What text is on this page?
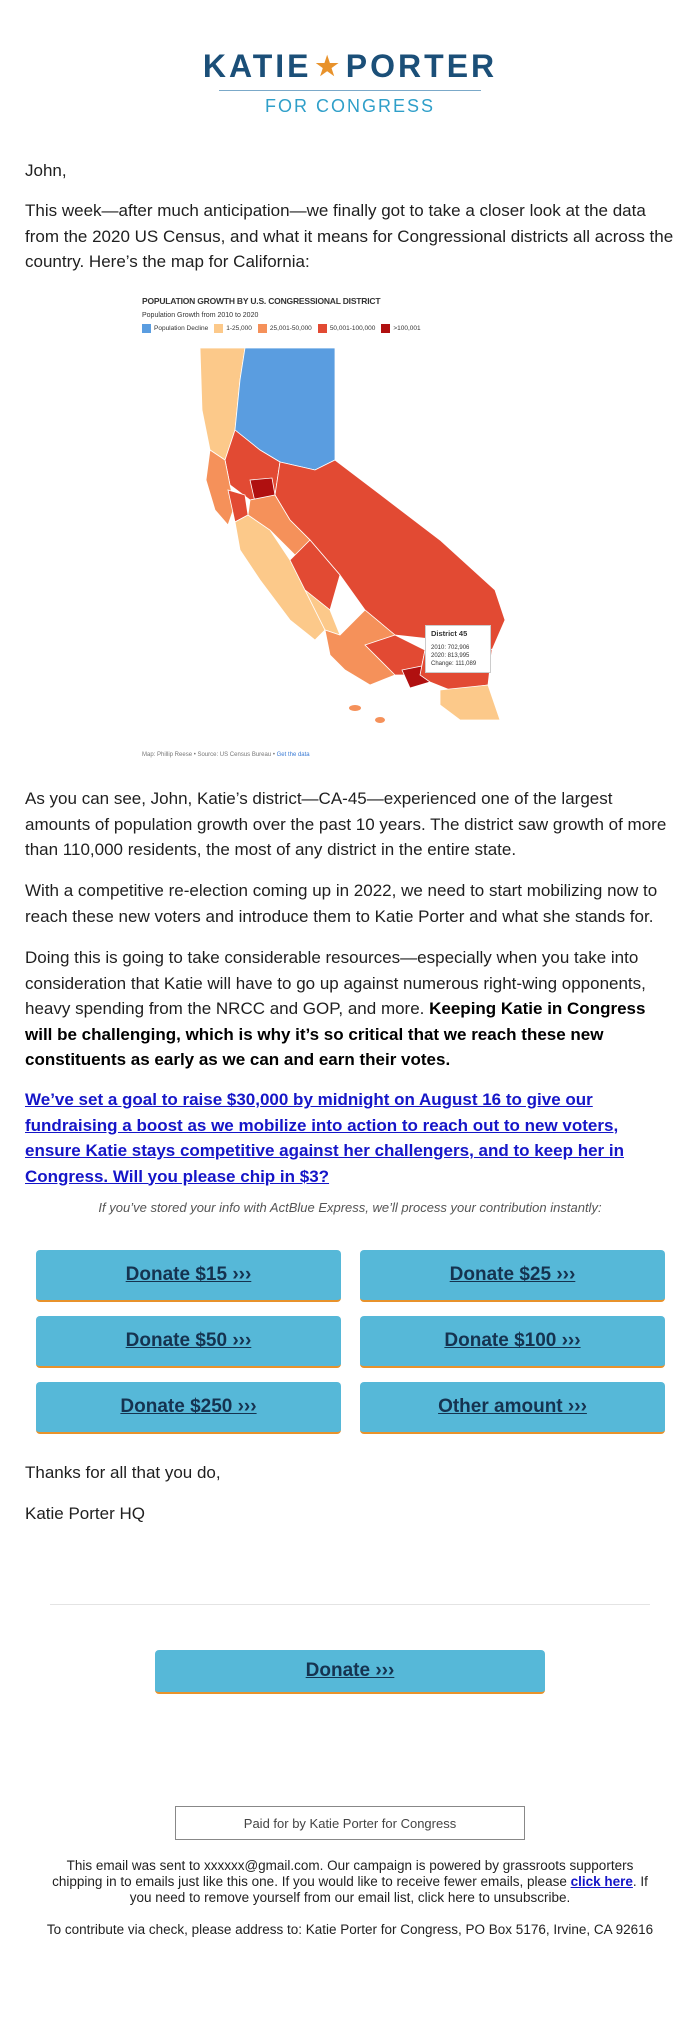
KATIE ★ PORTER
FOR CONGRESS
John,
This week—after much anticipation—we finally got to take a closer look at the data from the 2020 US Census, and what it means for Congressional districts all across the country. Here’s the map for California:
POPULATION GROWTH BY U.S. CONGRESSIONAL DISTRICT
Population Growth from 2010 to 2020
Population Decline	1-25,000	25,001-50,000	50,001-100,000	>100,001
District 45
2010: 702,906
2020: 813,995
Change: 111,089
Map: Phillip Reese • Source: US Census Bureau • Get the data
As you can see, John, Katie’s district—CA-45—experienced one of the largest amounts of population growth over the past 10 years. The district saw growth of more than 110,000 residents, the most of any district in the entire state.
With a competitive re-election coming up in 2022, we need to start mobilizing now to reach these new voters and introduce them to Katie Porter and what she stands for.
Doing this is going to take considerable resources—especially when you take into consideration that Katie will have to go up against numerous right-wing opponents, heavy spending from the NRCC and GOP, and more. Keeping Katie in Congress will be challenging, which is why it’s so critical that we reach these new constituents as early as we can and earn their votes.
We’ve set a goal to raise $30,000 by midnight on August 16 to give our fundraising a boost as we mobilize into action to reach out to new voters, ensure Katie stays competitive against her challengers, and to keep her in Congress. Will you please chip in $3?
If you’ve stored your info with ActBlue Express, we’ll process your contribution instantly:
Donate $15 ›››	Donate $25 ›››
Donate $50 ›››	Donate $100 ›››
Donate $250 ›››	Other amount ›››
Thanks for all that you do,
Katie Porter HQ
Donate ›››
Paid for by Katie Porter for Congress
This email was sent to xxxxxx@gmail.com. Our campaign is powered by grassroots supporters chipping in to emails just like this one. If you would like to receive fewer emails, please click here. If you need to remove yourself from our email list, click here to unsubscribe.
To contribute via check, please address to: Katie Porter for Congress, PO Box 5176, Irvine, CA 92616
